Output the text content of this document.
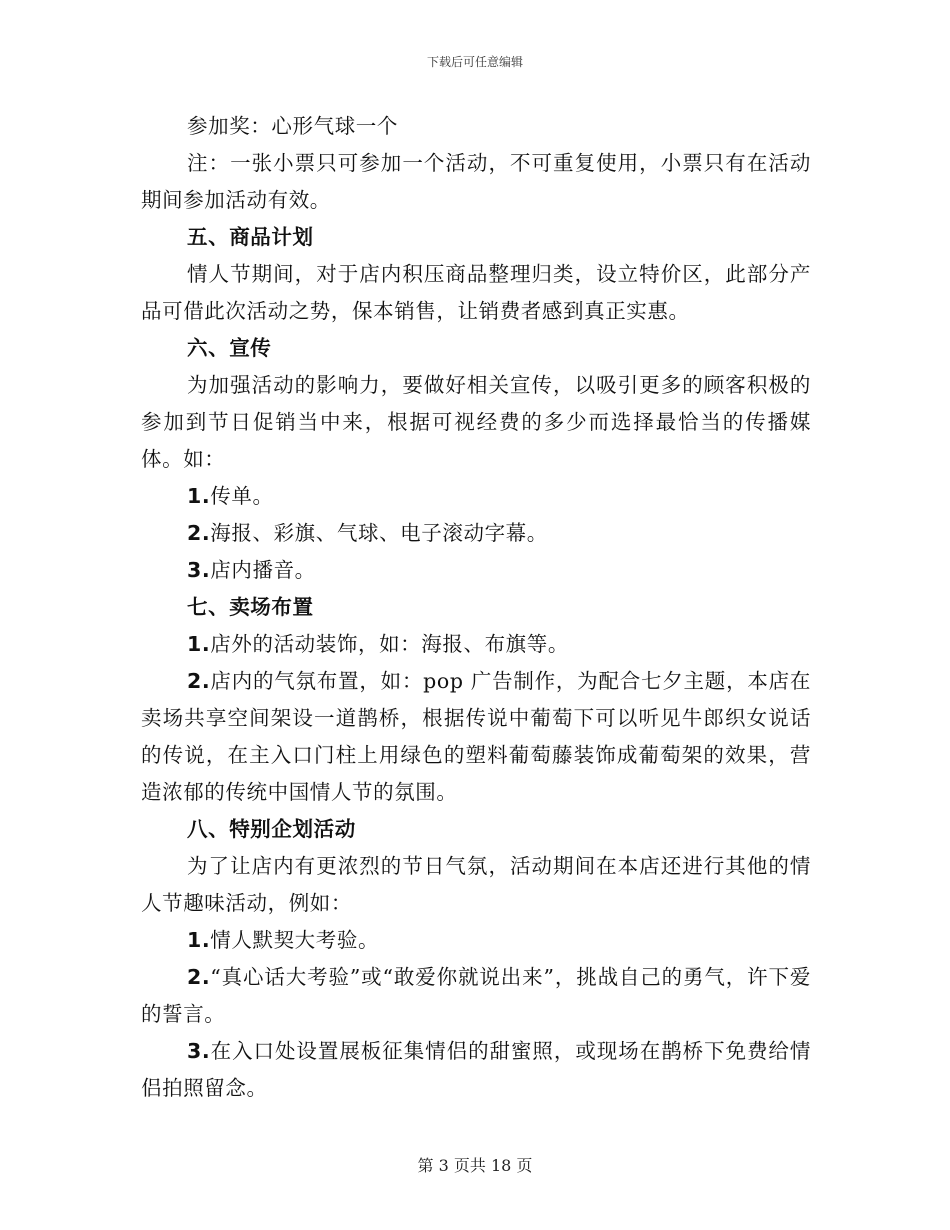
下载后可任意编辑

参加奖：心形气球一个

注：一张小票只可参加一个活动，不可重复使用，小票只有在活动期间参加活动有效。

五、商品计划

情人节期间，对于店内积压商品整理归类，设立特价区，此部分产品可借此次活动之势，保本销售，让销费者感到真正实惠。

六、宣传

为加强活动的影响力，要做好相关宣传，以吸引更多的顾客积极的参加到节日促销当中来，根据可视经费的多少而选择最恰当的传播媒体。如：

1.传单。

2.海报、彩旗、气球、电子滚动字幕。

3.店内播音。

七、卖场布置

1.店外的活动装饰，如：海报、布旗等。

2.店内的气氛布置，如：pop 广告制作，为配合七夕主题，本店在卖场共享空间架设一道鹊桥，根据传说中葡萄下可以听见牛郎织女说话的传说，在主入口门柱上用绿色的塑料葡萄藤装饰成葡萄架的效果，营造浓郁的传统中国情人节的氛围。

八、特别企划活动

为了让店内有更浓烈的节日气氛，活动期间在本店还进行其他的情人节趣味活动，例如：

1.情人默契大考验。

2.“真心话大考验”或“敢爱你就说出来”，挑战自己的勇气，许下爱的誓言。

3.在入口处设置展板征集情侣的甜蜜照，或现场在鹊桥下免费给情侣拍照留念。

第 3 页共 18 页
